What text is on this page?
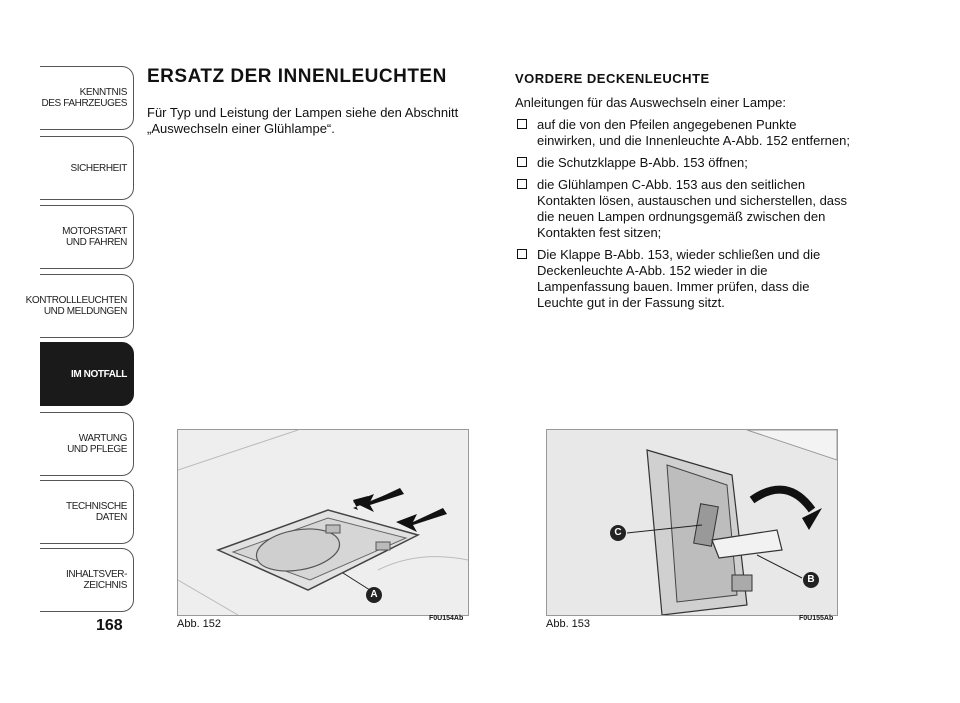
KENNTNIS
DES FAHRZEUGES
SICHERHEIT
MOTORSTART
UND FAHREN
KONTROLLLEUCHTEN
UND MELDUNGEN
IM NOTFALL
WARTUNG
UND PFLEGE
TECHNISCHE
DATEN
INHALTSVER-
ZEICHNIS
168
ERSATZ DER INNENLEUCHTEN
Für Typ und Leistung der Lampen siehe den Abschnitt „Auswechseln einer Glühlampe“.
VORDERE DECKENLEUCHTE

Anleitungen für das Auswechseln einer Lampe:

auf die von den Pfeilen angegebenen Punkte einwirken, und die Innenleuchte A-Abb. 152 entfernen;
die Schutzklappe B-Abb. 153 öffnen;
die Glühlampen C-Abb. 153 aus den seitlichen Kontakten lösen, austauschen und sicherstellen, dass die neuen Lampen ordnungsgemäß zwischen den Kontakten fest sitzen;
Die Klappe B-Abb. 153, wieder schließen und die Deckenleuchte A-Abb. 152 wieder in die Lampenfassung bauen. Immer prüfen, dass die Leuchte gut in der Fassung sitzt.
A
Abb. 152	F0U154Ab
C
B
Abb. 153	F0U155Ab
